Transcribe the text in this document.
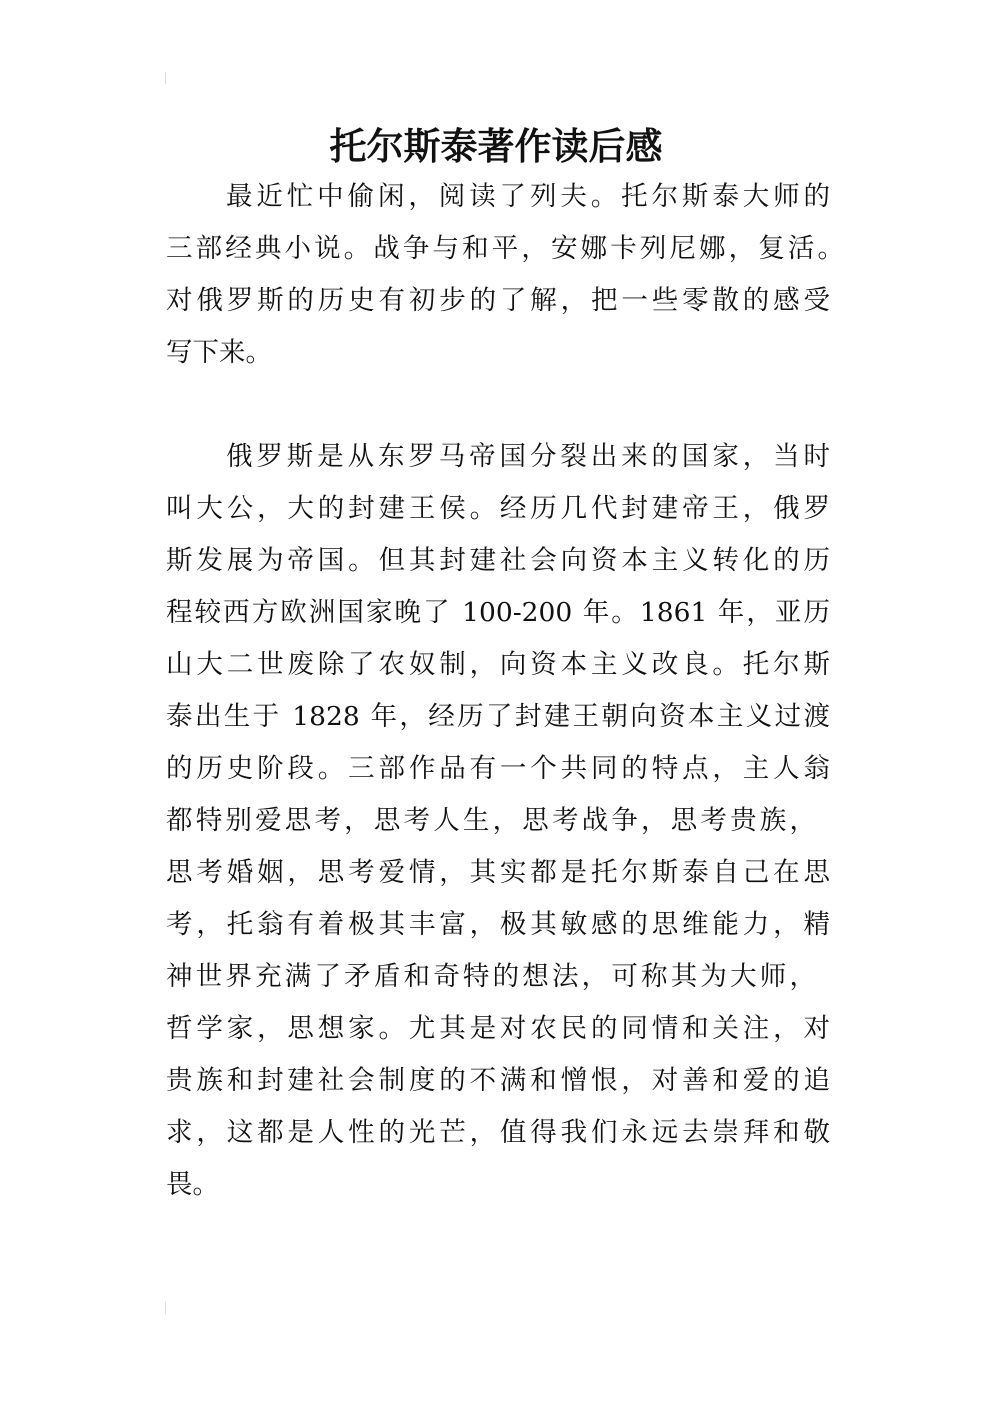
托尔斯泰著作读后感
最近忙中偷闲，阅读了列夫。托尔斯泰大师的
三部经典小说。战争与和平，安娜卡列尼娜，复活。
对俄罗斯的历史有初步的了解，把一些零散的感受
写下来。
俄罗斯是从东罗马帝国分裂出来的国家，当时
叫大公，大的封建王侯。经历几代封建帝王，俄罗
斯发展为帝国。但其封建社会向资本主义转化的历
程较西方欧洲国家晚了 100-200 年。1861 年，亚历
山大二世废除了农奴制，向资本主义改良。托尔斯
泰出生于 1828 年，经历了封建王朝向资本主义过渡
的历史阶段。三部作品有一个共同的特点，主人翁
都特别爱思考，思考人生，思考战争，思考贵族，
思考婚姻，思考爱情，其实都是托尔斯泰自己在思
考，托翁有着极其丰富，极其敏感的思维能力，精
神世界充满了矛盾和奇特的想法，可称其为大师，
哲学家，思想家。尤其是对农民的同情和关注，对
贵族和封建社会制度的不满和憎恨，对善和爱的追
求，这都是人性的光芒，值得我们永远去崇拜和敬
畏。
